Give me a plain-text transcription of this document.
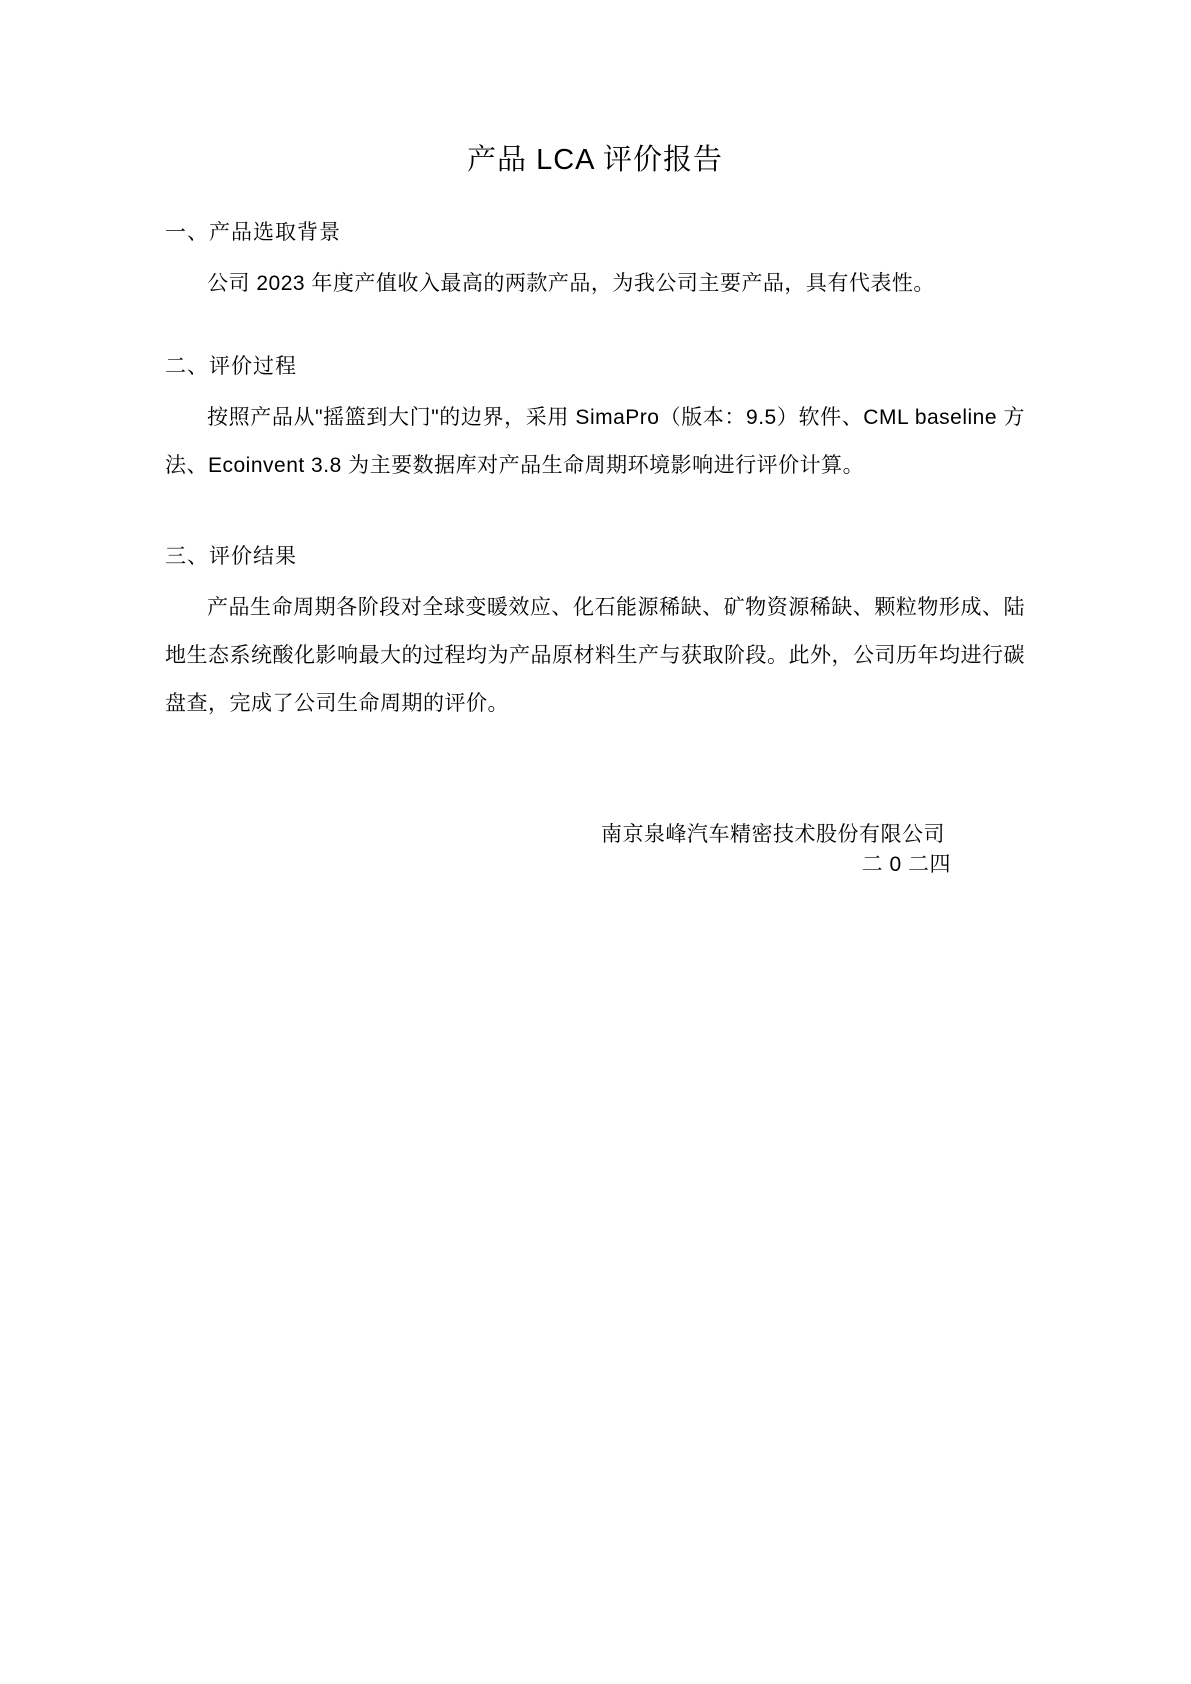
产品 LCA 评价报告
一、产品选取背景

公司 2023 年度产值收入最高的两款产品，为我公司主要产品，具有代表性。

二、评价过程

按照产品从"摇篮到大门"的边界，采用 SimaPro（版本：9.5）软件、CML baseline 方法、Ecoinvent 3.8 为主要数据库对产品生命周期环境影响进行评价计算。

三、评价结果

产品生命周期各阶段对全球变暖效应、化石能源稀缺、矿物资源稀缺、颗粒物形成、陆地生态系统酸化影响最大的过程均为产品原材料生产与获取阶段。此外，公司历年均进行碳盘查，完成了公司生命周期的评价。

南京泉峰汽车精密技术股份有限公司
二 0 二四
